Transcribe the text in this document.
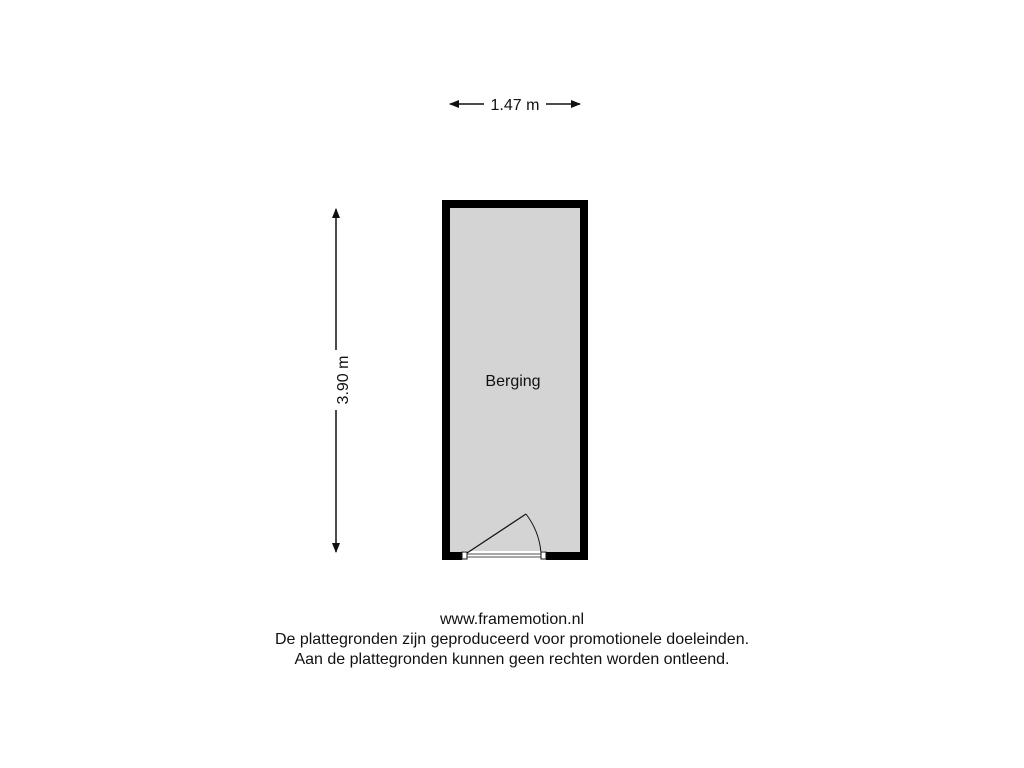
1.47 m
3.90 m	Berging
www.framemotion.nl
De plattegronden zijn geproduceerd voor promotionele doeleinden.
Aan de plattegronden kunnen geen rechten worden ontleend.
